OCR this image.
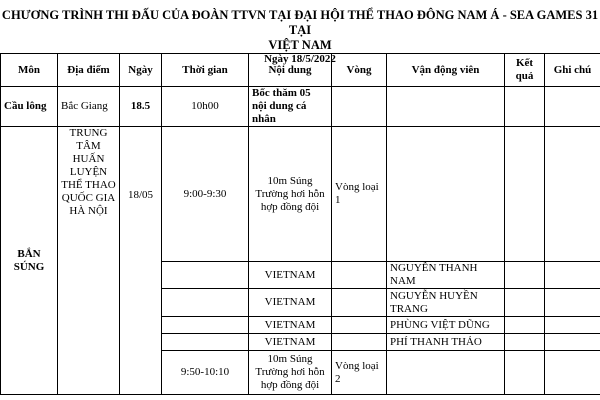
CHƯƠNG TRÌNH THI ĐẤU CỦA ĐOÀN TTVN TẠI ĐẠI HỘI THỂ THAO ĐÔNG NAM Á - SEA GAMES 31 TẠI
VIỆT NAM
Ngày 18/5/2022
Môn	Địa điểm	Ngày	Thời gian	Nội dung	Vòng	Vận động viên	Kết quả	Ghi chú
Cầu lông	Bắc Giang	18.5	10h00	Bốc thăm 05 nội dung cá nhân				
BẮN SÚNG	TRUNG TÂM HUẤN LUYỆN THỂ THAO QUỐC GIA HÀ NỘI	18/05	9:00-9:30	10m Súng Trường hơi hỗn hợp đồng đội	Vòng loại 1			
				VIETNAM		NGUYỄN THANH NAM		
				VIETNAM		NGUYỄN HUYỀN TRANG		
				VIETNAM		PHÙNG VIỆT DŨNG		
				VIETNAM		PHÍ THANH THẢO		
			9:50-10:10	10m Súng Trường hơi hỗn hợp đồng đội	Vòng loại 2			
